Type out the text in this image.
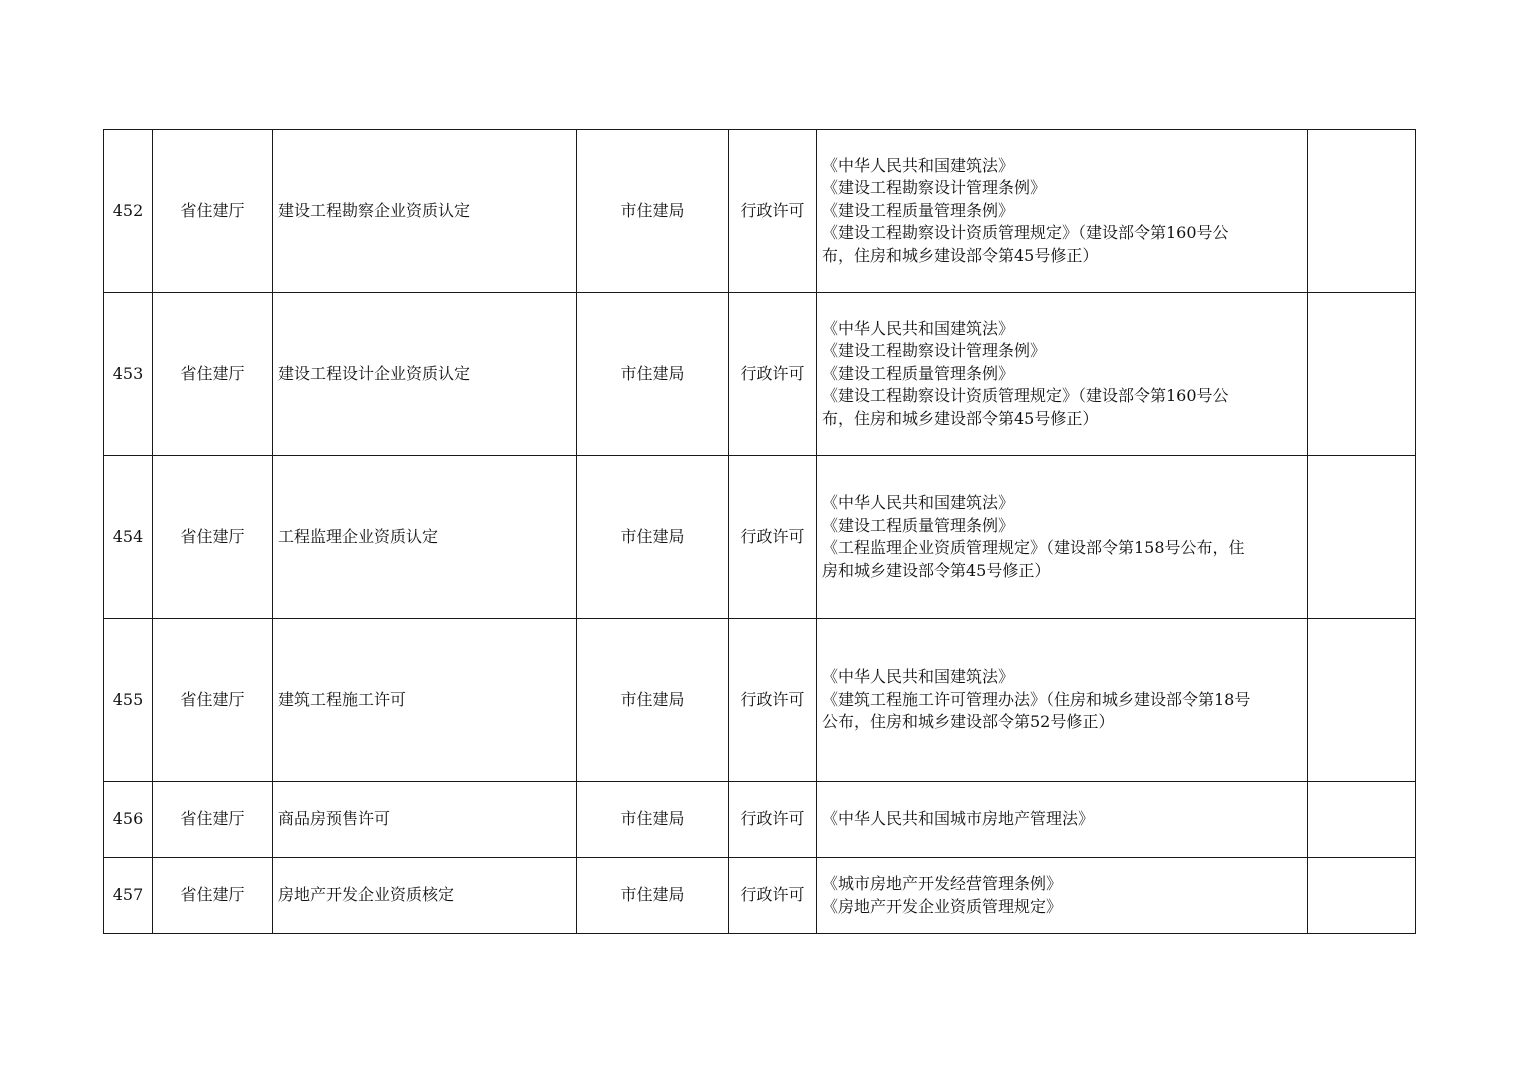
452	省住建厅	建设工程勘察企业资质认定	市住建局	行政许可	《中华人民共和国建筑法》
《建设工程勘察设计管理条例》
《建设工程质量管理条例》
《建设工程勘察设计资质管理规定》（建设部令第160号公
布，住房和城乡建设部令第45号修正）	

453	省住建厅	建设工程设计企业资质认定	市住建局	行政许可	《中华人民共和国建筑法》
《建设工程勘察设计管理条例》
《建设工程质量管理条例》
《建设工程勘察设计资质管理规定》（建设部令第160号公
布，住房和城乡建设部令第45号修正）	

454	省住建厅	工程监理企业资质认定	市住建局	行政许可	《中华人民共和国建筑法》
《建设工程质量管理条例》
《工程监理企业资质管理规定》（建设部令第158号公布，住
房和城乡建设部令第45号修正）	

455	省住建厅	建筑工程施工许可	市住建局	行政许可	《中华人民共和国建筑法》
《建筑工程施工许可管理办法》（住房和城乡建设部令第18号
公布，住房和城乡建设部令第52号修正）	

456	省住建厅	商品房预售许可	市住建局	行政许可	《中华人民共和国城市房地产管理法》	

457	省住建厅	房地产开发企业资质核定	市住建局	行政许可	《城市房地产开发经营管理条例》
《房地产开发企业资质管理规定》	
